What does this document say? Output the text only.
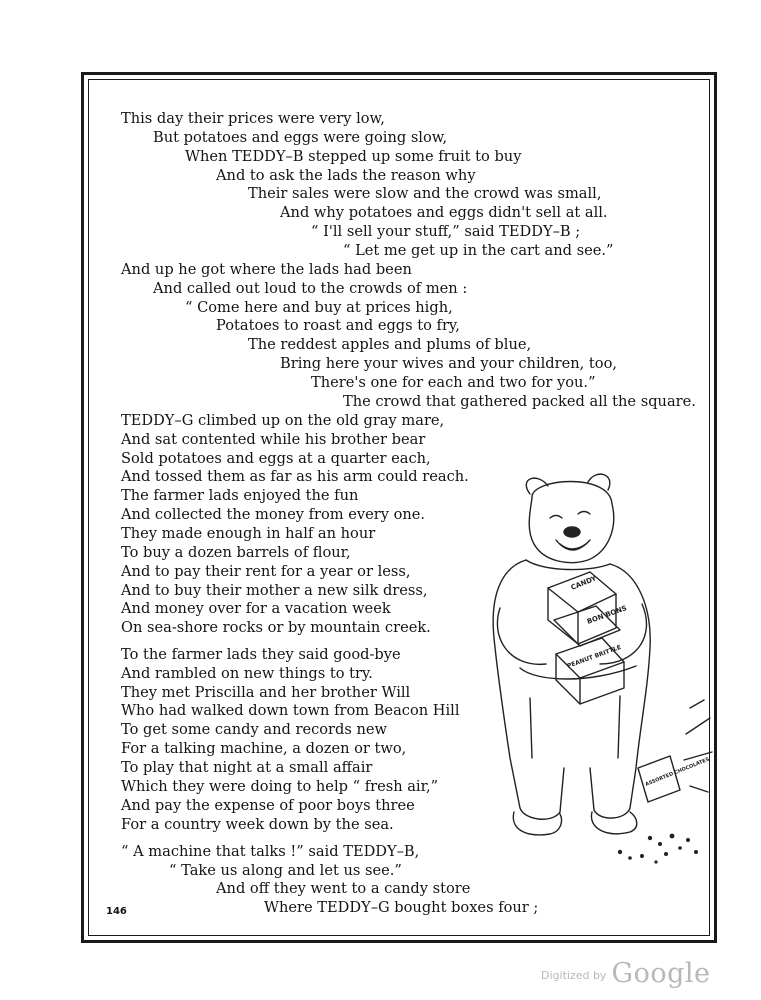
This day their prices were very low,
But potatoes and eggs were going slow,
When TEDDY–B stepped up some fruit to buy
And to ask the lads the reason why
Their sales were slow and the crowd was small,
And why potatoes and eggs didn't sell at all.
“ I'll sell your stuff,” said TEDDY–B ;
“ Let me get up in the cart and see.”
And up he got where the lads had been
And called out loud to the crowds of men :
“ Come here and buy at prices high,
Potatoes to roast and eggs to fry,
The reddest apples and plums of blue,
Bring here your wives and your children, too,
There's one for each and two for you.”
The crowd that gathered packed all the square.
TEDDY–G climbed up on the old gray mare,
And sat contented while his brother bear
Sold potatoes and eggs at a quarter each,
And tossed them as far as his arm could reach.
The farmer lads enjoyed the fun
And collected the money from every one.
They made enough in half an hour
To buy a dozen barrels of flour,
And to pay their rent for a year or less,
And to buy their mother a new silk dress,
And money over for a vacation week
On sea-shore rocks or by mountain creek.
To the farmer lads they said good-bye
And rambled on new things to try.
They met Priscilla and her brother Will
Who had walked down town from Beacon Hill
To get some candy and records new
For a talking machine, a dozen or two,
To play that night at a small affair
Which they were doing to help “ fresh air,”
And pay the expense of poor boys three
For a country week down by the sea.
“ A machine that talks !” said TEDDY–B,
“ Take us along and let us see.”
And off they went to a candy store
Where TEDDY–G bought boxes four ;
146
CANDY
BON BONS
PEANUT BRITTLE
ASSORTED CHOCOLATES
Digitized by Google
